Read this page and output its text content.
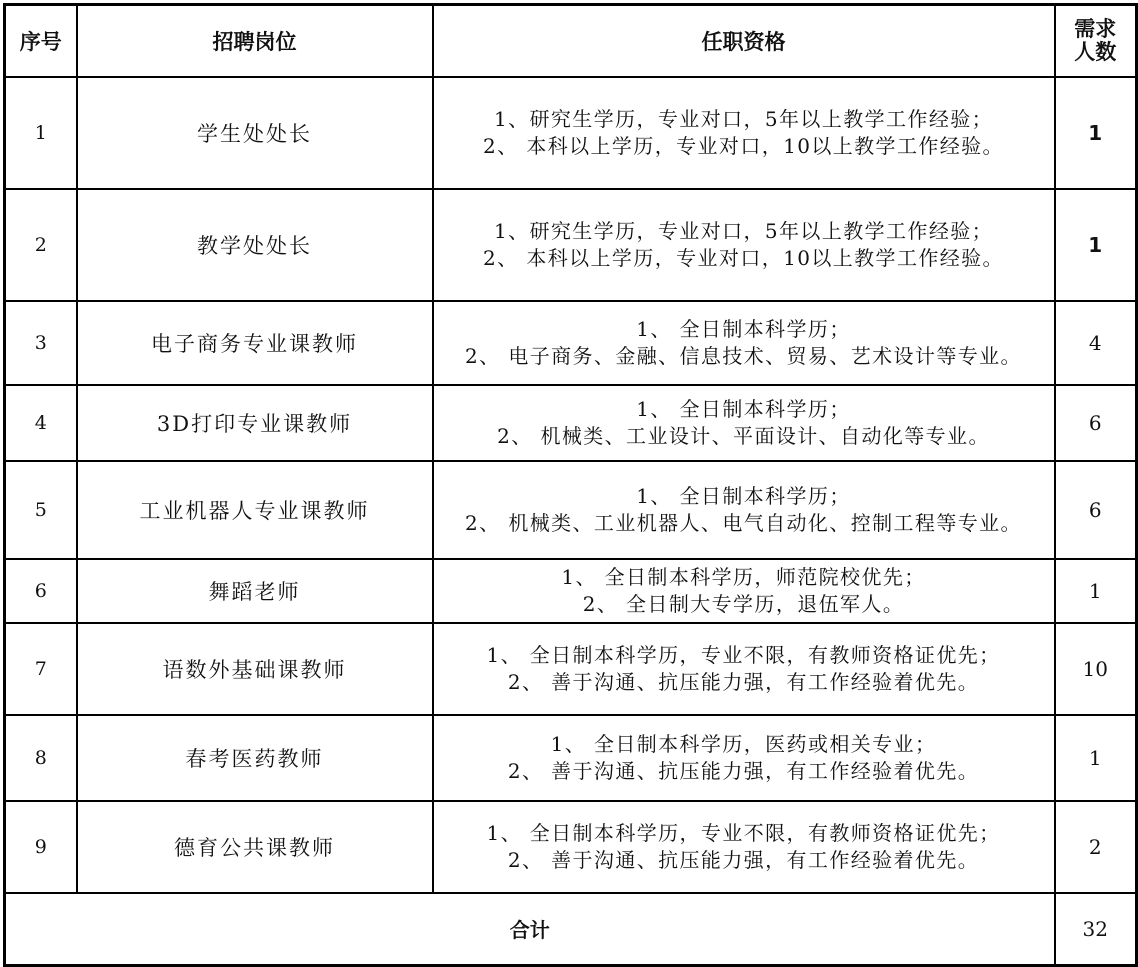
序号	招聘岗位	任职资格	需求
人数

1	学生处处长	1、研究生学历，专业对口，5年以上教学工作经验；
2、 本科以上学历，专业对口，10以上教学工作经验。	1
2	教学处处长	1、研究生学历，专业对口，5年以上教学工作经验；
2、 本科以上学历，专业对口，10以上教学工作经验。	1
3	电子商务专业课教师	1、 全日制本科学历；
2、 电子商务、金融、信息技术、贸易、艺术设计等专业。	4
4	3D打印专业课教师	1、 全日制本科学历；
2、 机械类、工业设计、平面设计、自动化等专业。	6
5	工业机器人专业课教师	1、 全日制本科学历；
2、 机械类、工业机器人、电气自动化、控制工程等专业。	6
6	舞蹈老师	1、 全日制本科学历，师范院校优先；
2、 全日制大专学历，退伍军人。	1
7	语数外基础课教师	1、 全日制本科学历，专业不限，有教师资格证优先；
2、 善于沟通、抗压能力强，有工作经验着优先。	10
8	春考医药教师	1、 全日制本科学历，医药或相关专业；
2、 善于沟通、抗压能力强，有工作经验着优先。	1
9	德育公共课教师	1、 全日制本科学历，专业不限，有教师资格证优先；
2、 善于沟通、抗压能力强，有工作经验着优先。	2
合计			32
